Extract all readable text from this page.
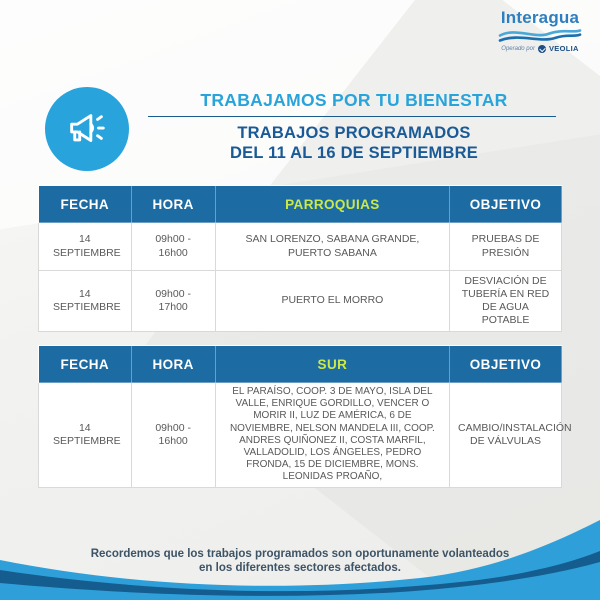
Interagua
Operado por VEOLIA
TRABAJAMOS POR TU BIENESTAR
TRABAJOS PROGRAMADOS
DEL 11 AL 16 DE SEPTIEMBRE
FECHA	HORA	PARROQUIAS	OBJETIVO
14 SEPTIEMBRE	09h00 - 16h00	SAN LORENZO, SABANA GRANDE, PUERTO SABANA	PRUEBAS DE PRESIÓN
14 SEPTIEMBRE	09h00 - 17h00	PUERTO EL MORRO	DESVIACIÓN DE TUBERÍA EN RED DE AGUA POTABLE
FECHA	HORA	SUR	OBJETIVO
14 SEPTIEMBRE	09h00 - 16h00	EL PARAÍSO, COOP. 3 DE MAYO, ISLA DEL VALLE, ENRIQUE GORDILLO, VENCER O MORIR II, LUZ DE AMÉRICA, 6 DE NOVIEMBRE, NELSON MANDELA III, COOP. ANDRES QUIÑONEZ II, COSTA MARFIL, VALLADOLID, LOS ÁNGELES, PEDRO FRONDA, 15 DE DICIEMBRE, MONS. LEONIDAS PROAÑO,	CAMBIO/INSTALACIÓN DE VÁLVULAS
Recordemos que los trabajos programados son oportunamente volanteados en los diferentes sectores afectados.
